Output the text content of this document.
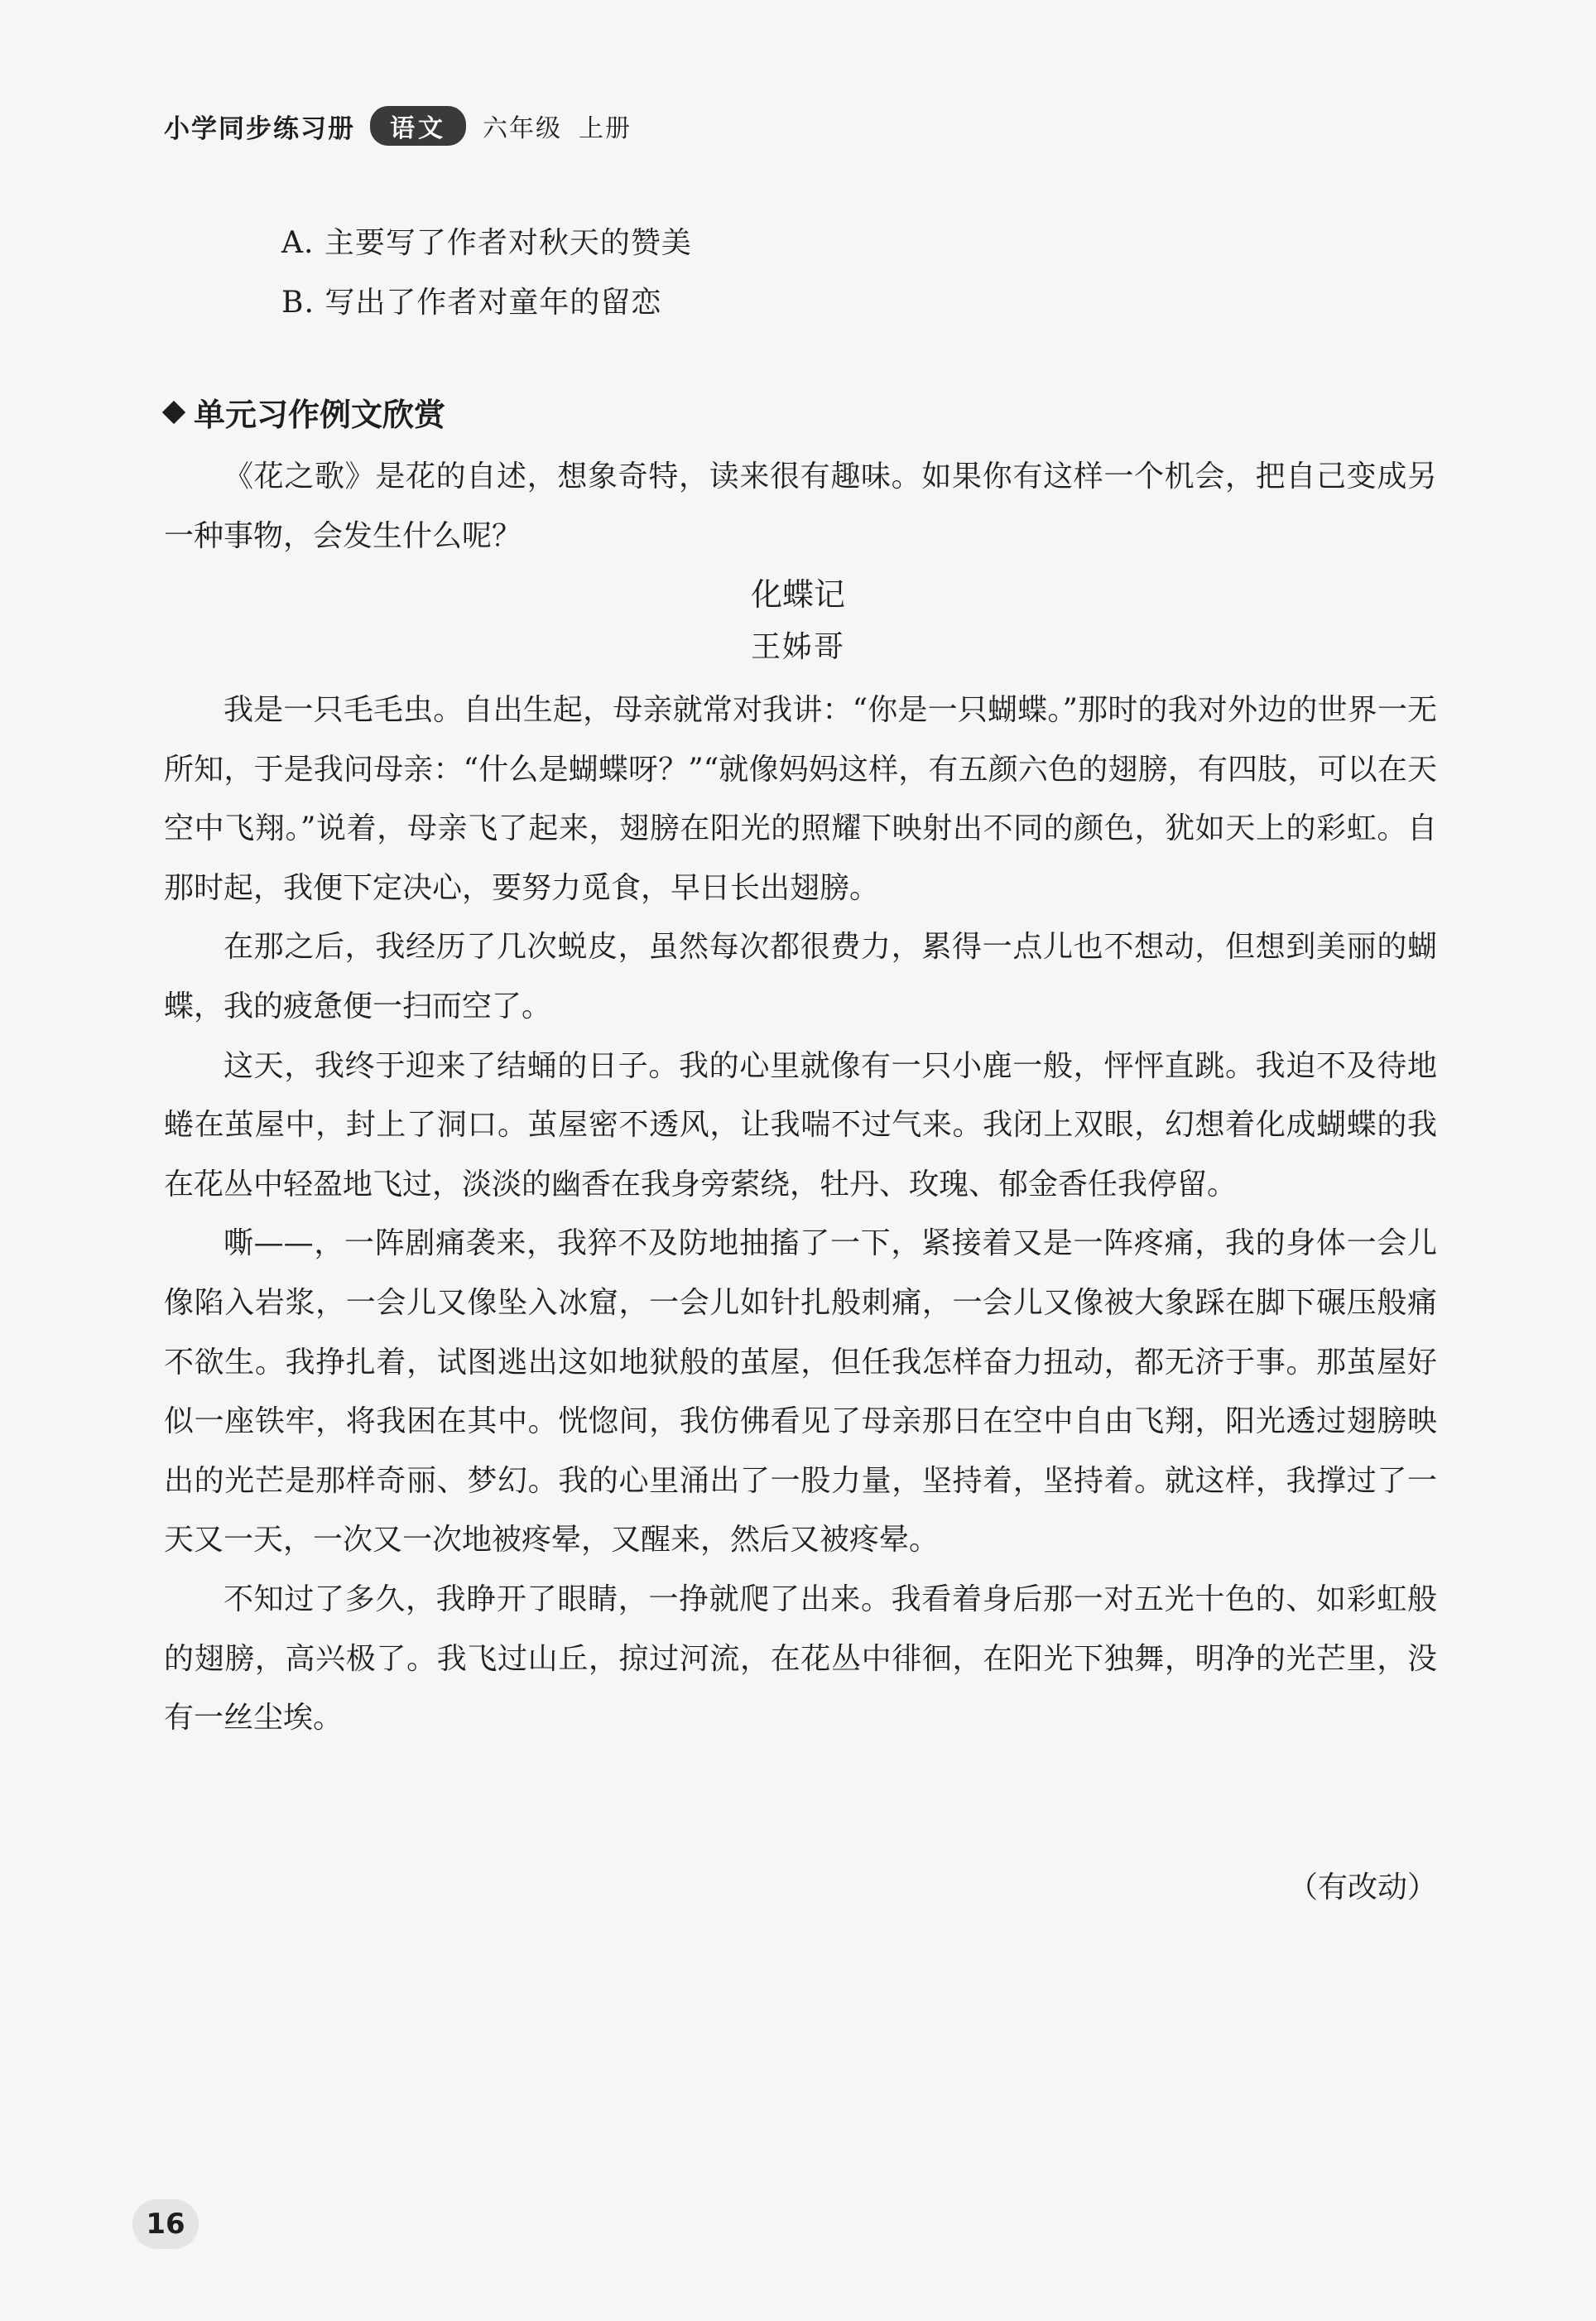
小学同步练习册	语文	六年级 上册
A. 主要写了作者对秋天的赞美
B. 写出了作者对童年的留恋
单元习作例文欣赏

《花之歌》是花的自述，想象奇特，读来很有趣味。如果你有这样一个机会，把自己变成另一种事物，会发生什么呢？

化蝶记
王姊哥

我是一只毛毛虫。自出生起，母亲就常对我讲：“你是一只蝴蝶。”那时的我对外边的世界一无所知，于是我问母亲：“什么是蝴蝶呀？”“就像妈妈这样，有五颜六色的翅膀，有四肢，可以在天空中飞翔。”说着，母亲飞了起来，翅膀在阳光的照耀下映射出不同的颜色，犹如天上的彩虹。自那时起，我便下定决心，要努力觅食，早日长出翅膀。

在那之后，我经历了几次蜕皮，虽然每次都很费力，累得一点儿也不想动，但想到美丽的蝴蝶，我的疲惫便一扫而空了。

这天，我终于迎来了结蛹的日子。我的心里就像有一只小鹿一般，怦怦直跳。我迫不及待地蜷在茧屋中，封上了洞口。茧屋密不透风，让我喘不过气来。我闭上双眼，幻想着化成蝴蝶的我在花丛中轻盈地飞过，淡淡的幽香在我身旁萦绕，牡丹、玫瑰、郁金香任我停留。

嘶——，一阵剧痛袭来，我猝不及防地抽搐了一下，紧接着又是一阵疼痛，我的身体一会儿像陷入岩浆，一会儿又像坠入冰窟，一会儿如针扎般刺痛，一会儿又像被大象踩在脚下碾压般痛不欲生。我挣扎着，试图逃出这如地狱般的茧屋，但任我怎样奋力扭动，都无济于事。那茧屋好似一座铁牢，将我困在其中。恍惚间，我仿佛看见了母亲那日在空中自由飞翔，阳光透过翅膀映出的光芒是那样奇丽、梦幻。我的心里涌出了一股力量，坚持着，坚持着。就这样，我撑过了一天又一天，一次又一次地被疼晕，又醒来，然后又被疼晕。

不知过了多久，我睁开了眼睛，一挣就爬了出来。我看着身后那一对五光十色的、如彩虹般的翅膀，高兴极了。我飞过山丘，掠过河流，在花丛中徘徊，在阳光下独舞，明净的光芒里，没有一丝尘埃。

（有改动）
16
